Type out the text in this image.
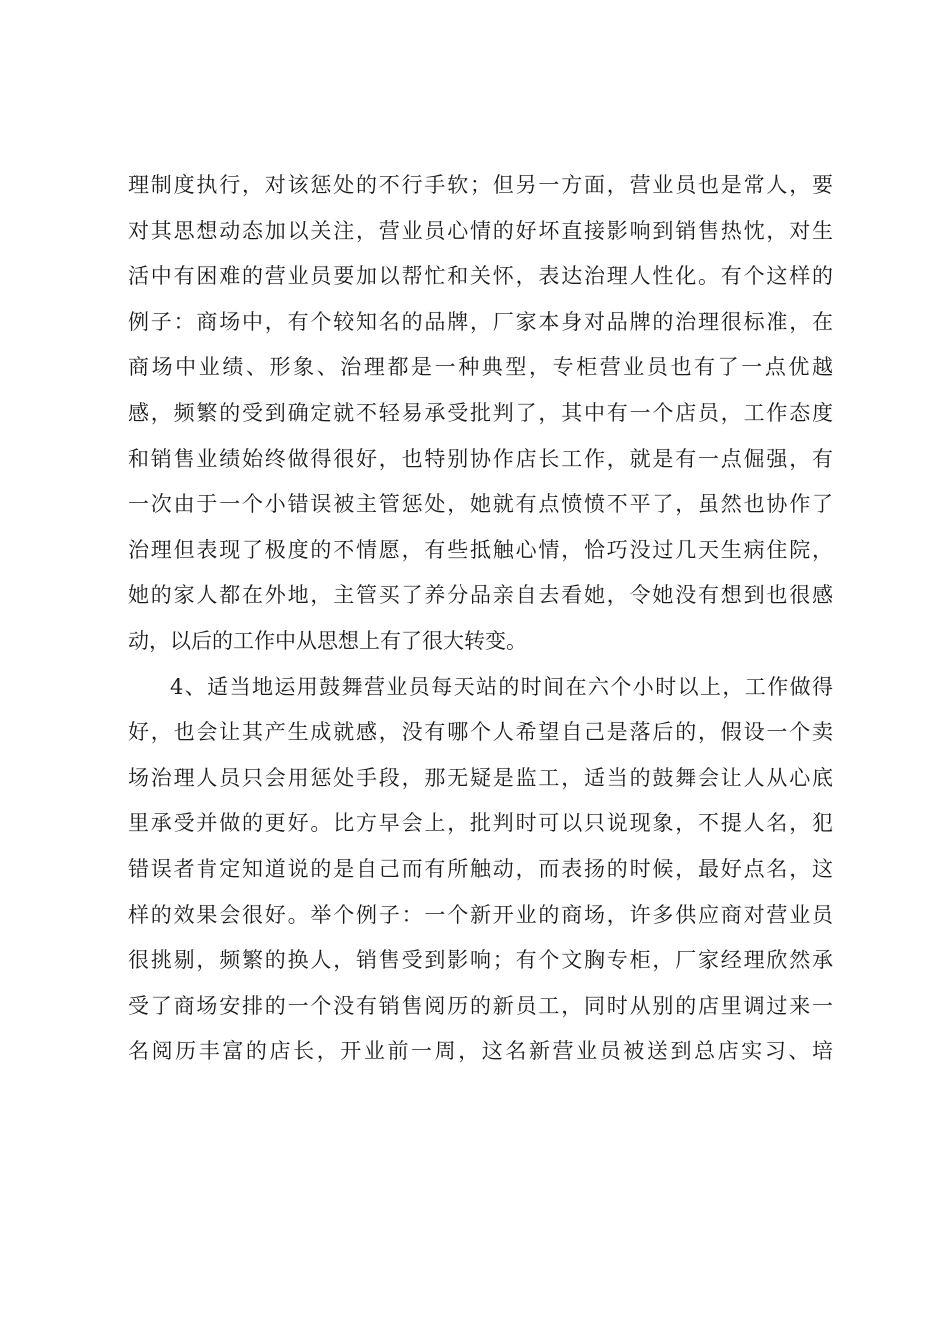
理制度执行，对该惩处的不行手软；但另一方面，营业员也是常人，要
对其思想动态加以关注，营业员心情的好坏直接影响到销售热忱，对生
活中有困难的营业员要加以帮忙和关怀，表达治理人性化。有个这样的
例子：商场中，有个较知名的品牌，厂家本身对品牌的治理很标准，在
商场中业绩、形象、治理都是一种典型，专柜营业员也有了一点优越
感，频繁的受到确定就不轻易承受批判了，其中有一个店员，工作态度
和销售业绩始终做得很好，也特别协作店长工作，就是有一点倔强，有
一次由于一个小错误被主管惩处，她就有点愤愤不平了，虽然也协作了
治理但表现了极度的不情愿，有些抵触心情，恰巧没过几天生病住院，
她的家人都在外地，主管买了养分品亲自去看她，令她没有想到也很感
动，以后的工作中从思想上有了很大转变。
4、适当地运用鼓舞营业员每天站的时间在六个小时以上，工作做得
好，也会让其产生成就感，没有哪个人希望自己是落后的，假设一个卖
场治理人员只会用惩处手段，那无疑是监工，适当的鼓舞会让人从心底
里承受并做的更好。比方早会上，批判时可以只说现象，不提人名，犯
错误者肯定知道说的是自己而有所触动，而表扬的时候，最好点名，这
样的效果会很好。举个例子：一个新开业的商场，许多供应商对营业员
很挑剔，频繁的换人，销售受到影响；有个文胸专柜，厂家经理欣然承
受了商场安排的一个没有销售阅历的新员工，同时从别的店里调过来一
名阅历丰富的店长，开业前一周，这名新营业员被送到总店实习、培
